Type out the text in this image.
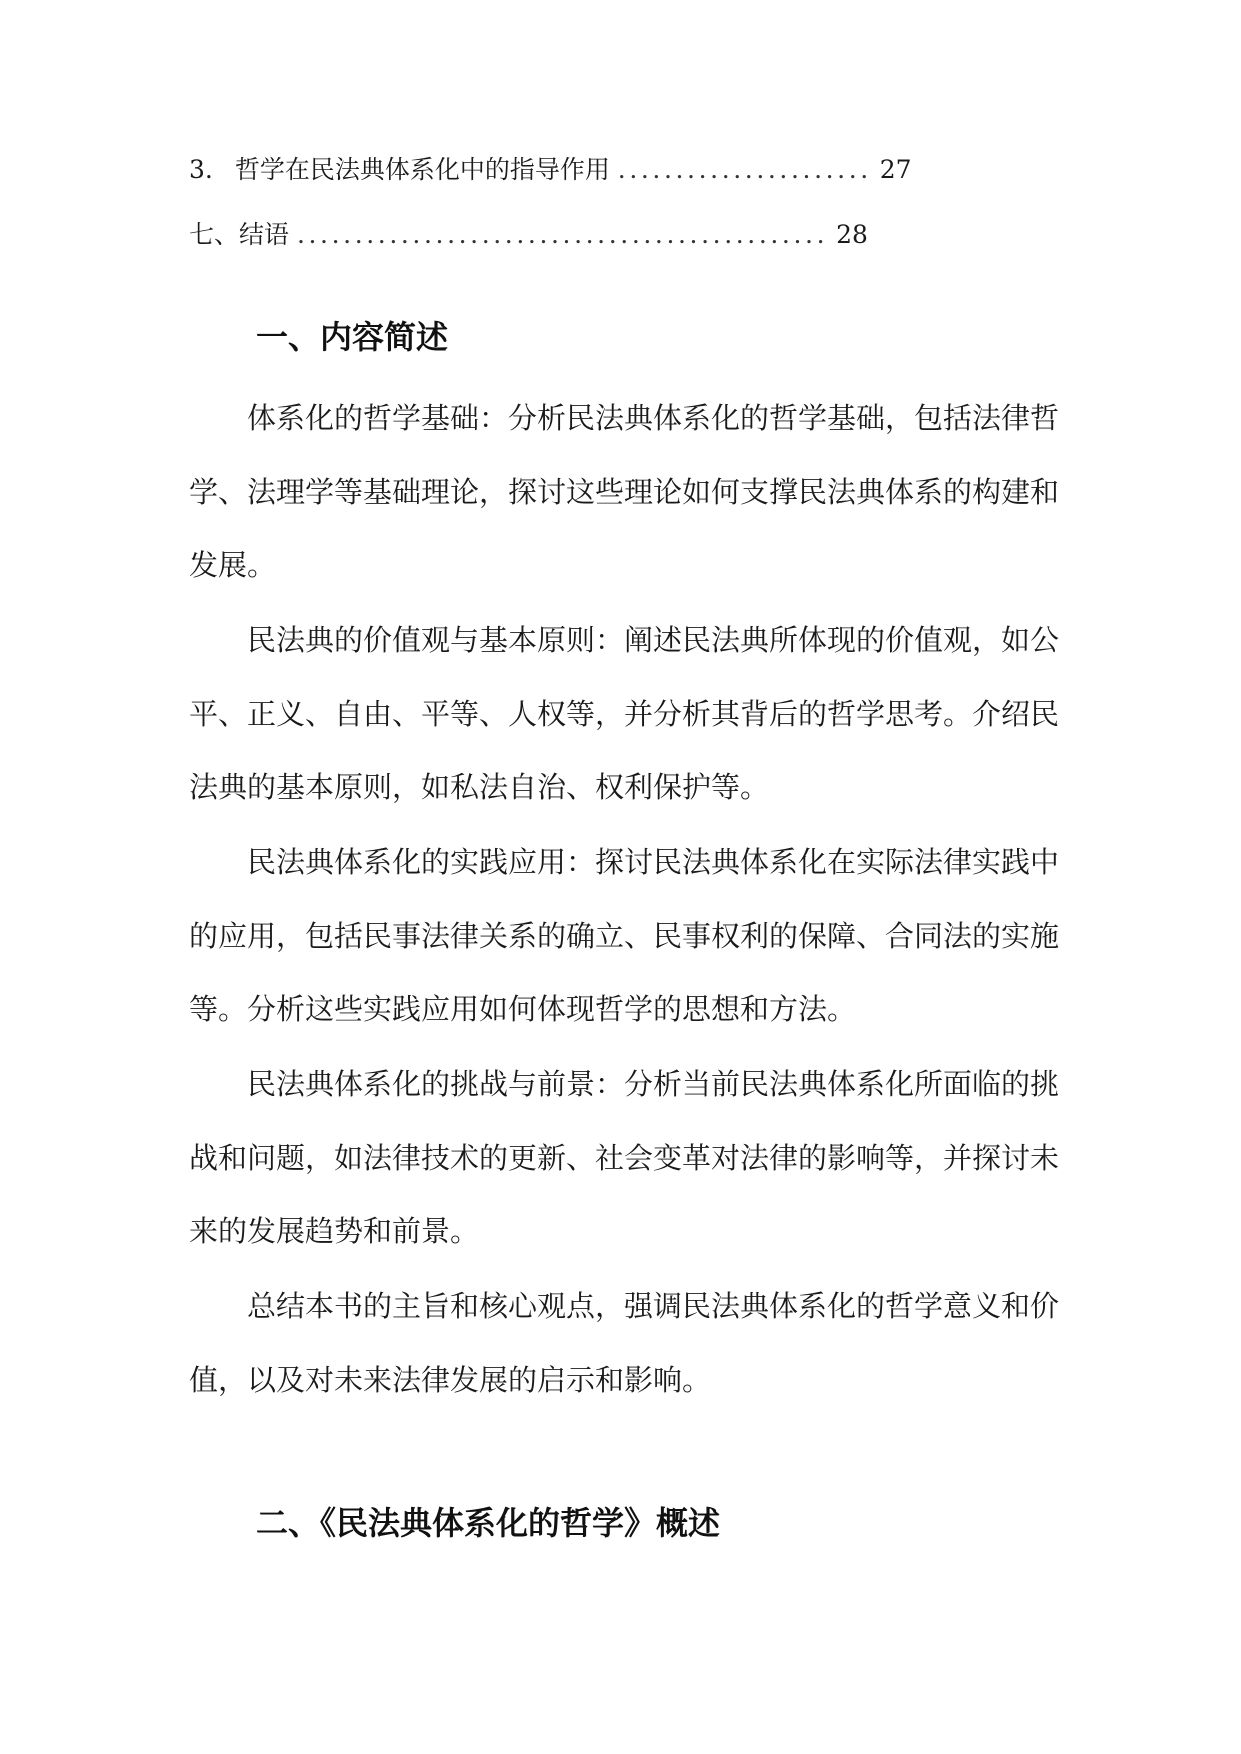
3. 哲学在民法典体系化中的指导作用 ...................... 27
七、结语 .............................................. 28
一、内容简述

体系化的哲学基础：分析民法典体系化的哲学基础，包括法律哲学、法理学等基础理论，探讨这些理论如何支撑民法典体系的构建和发展。

民法典的价值观与基本原则：阐述民法典所体现的价值观，如公平、正义、自由、平等、人权等，并分析其背后的哲学思考。介绍民法典的基本原则，如私法自治、权利保护等。

民法典体系化的实践应用：探讨民法典体系化在实际法律实践中的应用，包括民事法律关系的确立、民事权利的保障、合同法的实施等。分析这些实践应用如何体现哲学的思想和方法。

民法典体系化的挑战与前景：分析当前民法典体系化所面临的挑战和问题，如法律技术的更新、社会变革对法律的影响等，并探讨未来的发展趋势和前景。

总结本书的主旨和核心观点，强调民法典体系化的哲学意义和价值，以及对未来法律发展的启示和影响。

二、《民法典体系化的哲学》概述
